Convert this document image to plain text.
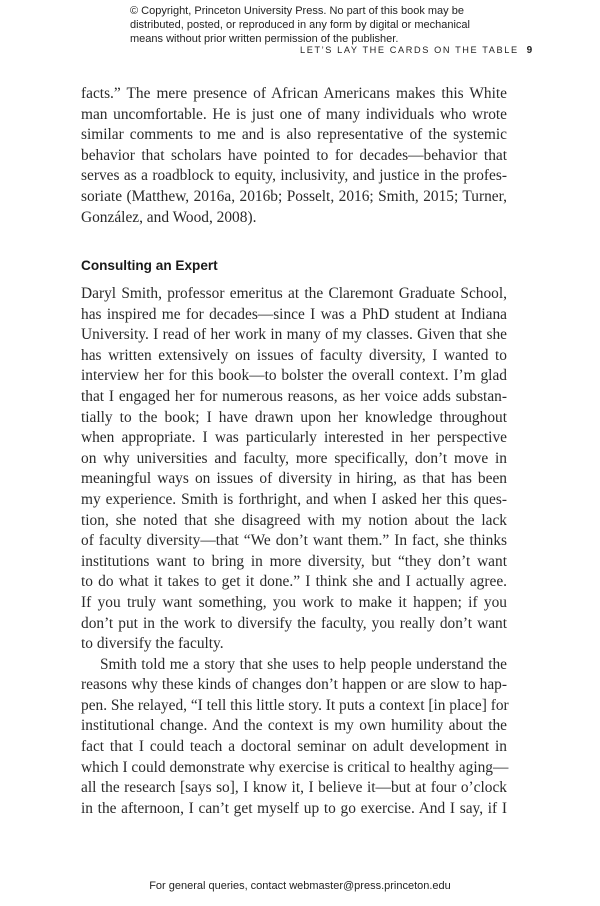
© Copyright, Princeton University Press. No part of this book may be distributed, posted, or reproduced in any form by digital or mechanical means without prior written permission of the publisher.
LET’S LAY THE CARDS ON THE TABLE 9
facts.” The mere presence of African Americans makes this White
man uncomfortable. He is just one of many individuals who wrote
similar comments to me and is also representative of the systemic
behavior that scholars have pointed to for decades—behavior that
serves as a roadblock to equity, inclusivity, and justice in the profes-
soriate (Matthew, 2016a, 2016b; Posselt, 2016; Smith, 2015; Turner,
González, and Wood, 2008).
Consulting an Expert
Daryl Smith, professor emeritus at the Claremont Graduate School,
has inspired me for decades—since I was a PhD student at Indiana
University. I read of her work in many of my classes. Given that she
has written extensively on issues of faculty diversity, I wanted to
interview her for this book—to bolster the overall context. I’m glad
that I engaged her for numerous reasons, as her voice adds substan-
tially to the book; I have drawn upon her knowledge throughout
when appropriate. I was particularly interested in her perspective
on why universities and faculty, more specifically, don’t move in
meaningful ways on issues of diversity in hiring, as that has been
my experience. Smith is forthright, and when I asked her this ques-
tion, she noted that she disagreed with my notion about the lack
of faculty diversity—that “We don’t want them.” In fact, she thinks
institutions want to bring in more diversity, but “they don’t want
to do what it takes to get it done.” I think she and I actually agree.
If you truly want something, you work to make it happen; if you
don’t put in the work to diversify the faculty, you really don’t want
to diversify the faculty.
Smith told me a story that she uses to help people understand the
reasons why these kinds of changes don’t happen or are slow to hap-
pen. She relayed, “I tell this little story. It puts a context [in place] for
institutional change. And the context is my own humility about the
fact that I could teach a doctoral seminar on adult development in
which I could demonstrate why exercise is critical to healthy aging—
all the research [says so], I know it, I believe it—but at four o’clock
in the afternoon, I can’t get myself up to go exercise. And I say, if I
For general queries, contact webmaster@press.princeton.edu
